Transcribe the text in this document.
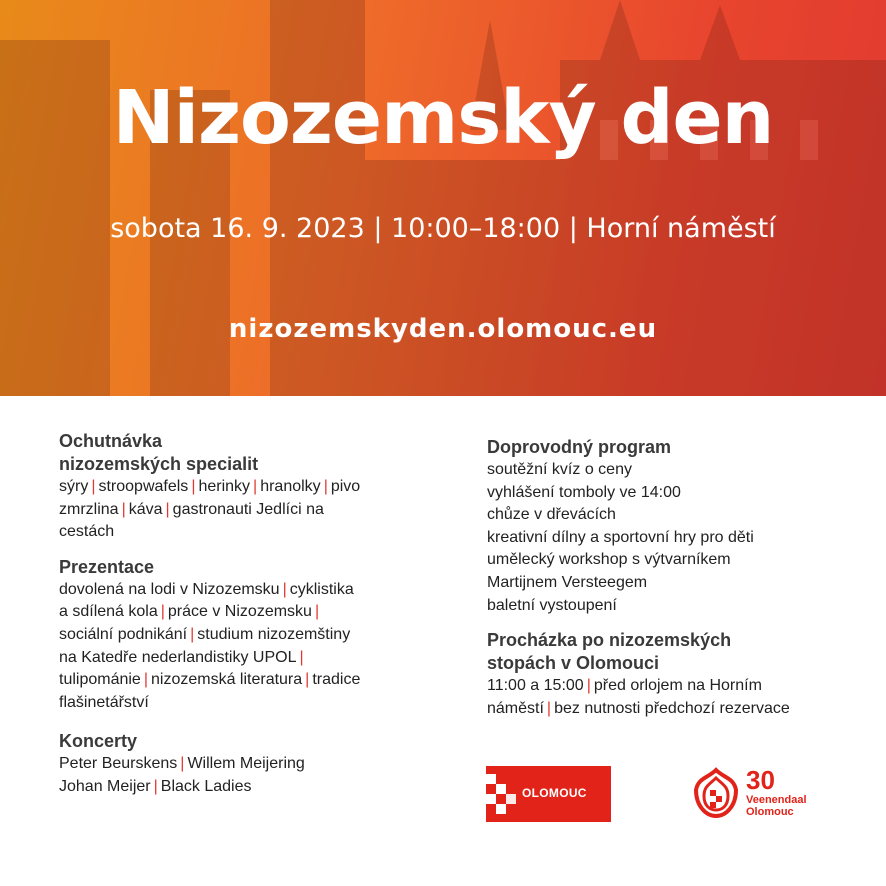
Nizozemský den
sobota 16. 9. 2023 | 10:00–18:00 | Horní náměstí
nizozemskyden.olomouc.eu
Ochutnávka
nizozemských specialit
sýry | stroopwafels | herinky | hranolky | pivo
zmrzlina | káva | gastronauti Jedlíci na
cestách
Prezentace
dovolená na lodi v Nizozemsku | cyklistika
a sdílená kola | práce v Nizozemsku |
sociální podnikání | studium nizozemštiny
na Katedře nederlandistiky UPOL |
tulipománie | nizozemská literatura | tradice
flašinetářství
Koncerty
Peter Beurskens | Willem Meijering
Johan Meijer | Black Ladies
Doprovodný program
soutěžní kvíz o ceny
vyhlášení tomboly ve 14:00
chůze v dřevácích
kreativní dílny a sportovní hry pro děti
umělecký workshop s výtvarníkem
Martijnem Versteegem
baletní vystoupení
Procházka po nizozemských
stopách v Olomouci
11:00 a 15:00 | před orlojem na Horním
náměstí | bez nutnosti předchozí rezervace
OLOMOUC	30
Veenendaal
Olomouc
